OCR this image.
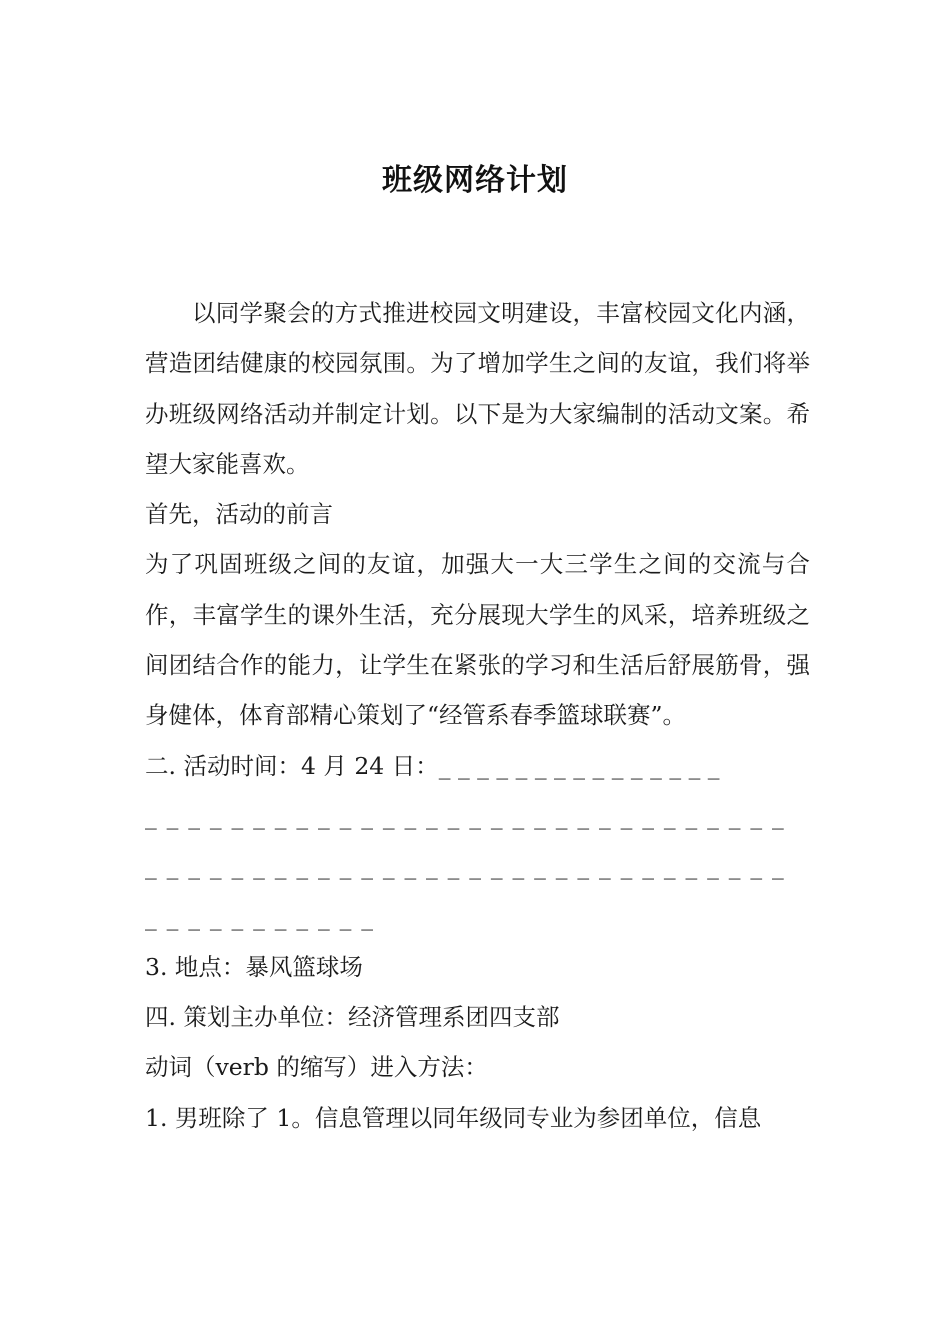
班级网络计划

以同学聚会的方式推进校园文明建设，丰富校园文化内涵，营造团结健康的校园氛围。为了增加学生之间的友谊，我们将举办班级网络活动并制定计划。以下是为大家编制的活动文案。希望大家能喜欢。

首先，活动的前言

为了巩固班级之间的友谊，加强大一大三学生之间的交流与合作，丰富学生的课外生活，充分展现大学生的风采，培养班级之间团结合作的能力，让学生在紧张的学习和生活后舒展筋骨，强身健体，体育部精心策划了“经管系春季篮球联赛”。

二. 活动时间：4 月 24 日：_ _ _ _ _ _ _ _ _ _ _ _ _ _ _

_ _ _ _ _ _ _ _ _ _ _ _ _ _ _ _ _ _ _ _ _ _ _ _ _ _ _ _ _ _

_ _ _ _ _ _ _ _ _ _ _ _ _ _ _ _ _ _ _ _ _ _ _ _ _ _ _ _ _ _

_ _ _ _ _ _ _ _ _ _ _

3. 地点：暴风篮球场

四. 策划主办单位：经济管理系团四支部

动词（verb 的缩写）进入方法：

1. 男班除了 1。信息管理以同年级同专业为参团单位，信息
